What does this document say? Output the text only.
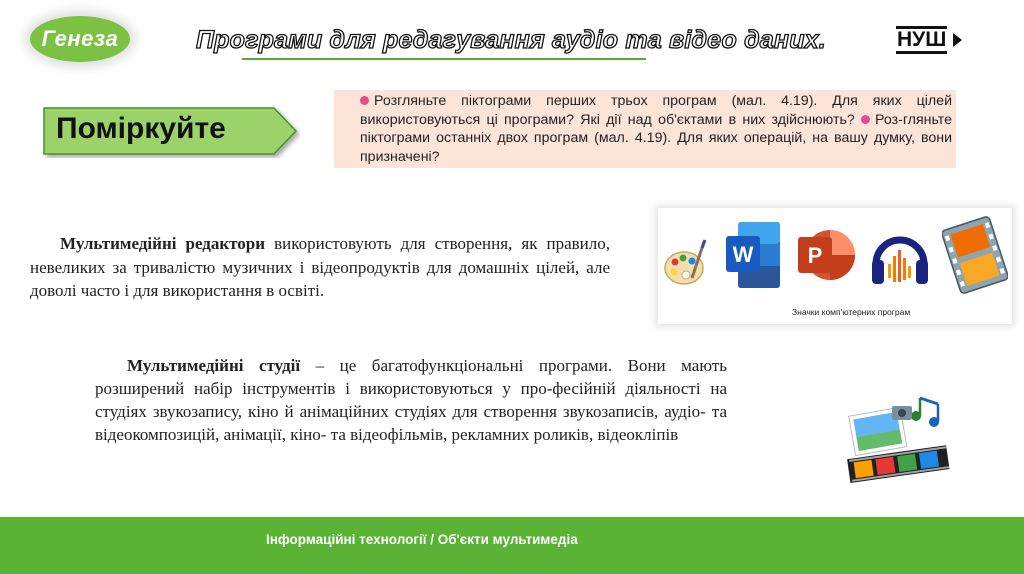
Генеза	Програми для редагування аудіо та відео даних.	НУШ
Поміркуйте
Розгляньте піктограми перших трьох програм (мал. 4.19). Для яких цілей використовуються ці програми? Які дії над об'єктами в них здійснюють? Роз-гляньте піктограми останніх двох програм (мал. 4.19). Для яких операцій, на вашу думку, вони призначені?

Мультимедійні редактори використовують для створення, як правило, невеликих за тривалістю музичних і відеопродуктів для домашніх цілей, але доволі часто і для використання в освіті.

W P
Значки комп'ютерних програм

Мультимедійні студії – це багатофункціональні програми. Вони мають розширений набір інструментів і використовуються у про-фесійній діяльності на студіях звукозапису, кіно й анімаційних студіях для створення звукозаписів, аудіо- та відеокомпозицій, анімації, кіно- та відеофільмів, рекламних роликів, відеокліпів

Інформаційні технології / Об'єкти мультимедіа
